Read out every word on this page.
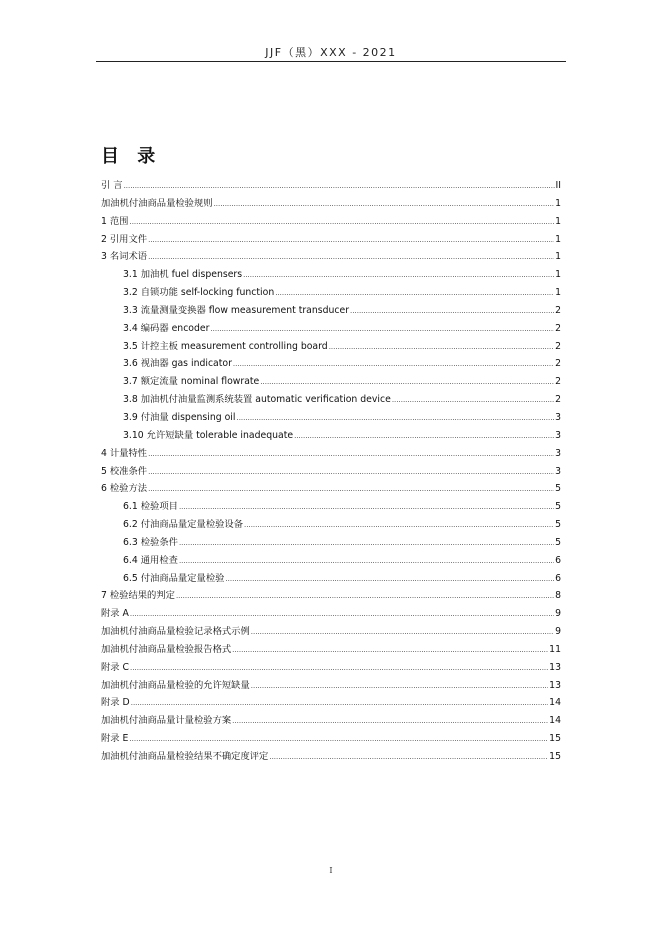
JJF（黑）XXX - 2021
目 录
引 言 .....	II
加油机付油商品量检验规则 .....	1
1 范围 .....	1
2 引用文件 .....	1
3 名词术语 .....	1
3.1 加油机 fuel dispensers .....	1
3.2 自锁功能 self-locking function .....	1
3.3 流量测量变换器 flow measurement transducer .....	2
3.4 编码器 encoder .....	2
3.5 计控主板 measurement controlling board .....	2
3.6 视油器 gas indicator .....	2
3.7 额定流量 nominal flowrate .....	2
3.8 加油机付油量监测系统装置 automatic verification device .....	2
3.9 付油量 dispensing oil .....	3
3.10 允许短缺量 tolerable inadequate .....	3
4 计量特性 .....	3
5 校准条件 .....	3
6 检验方法 .....	5
6.1 检验项目 .....	5
6.2 付油商品量定量检验设备 .....	5
6.3 检验条件 .....	5
6.4 通用检查 .....	6
6.5 付油商品量定量检验 .....	6
7 检验结果的判定 .....	8
附录 A .....	9
加油机付油商品量检验记录格式示例 .....	9
加油机付油商品量检验报告格式 .....	11
附录 C .....	13
加油机付油商品量检验的允许短缺量 .....	13
附录 D .....	14
加油机付油商品量计量检验方案 .....	14
附录 E .....	15
加油机付油商品量检验结果不确定度评定 .....	15
I
